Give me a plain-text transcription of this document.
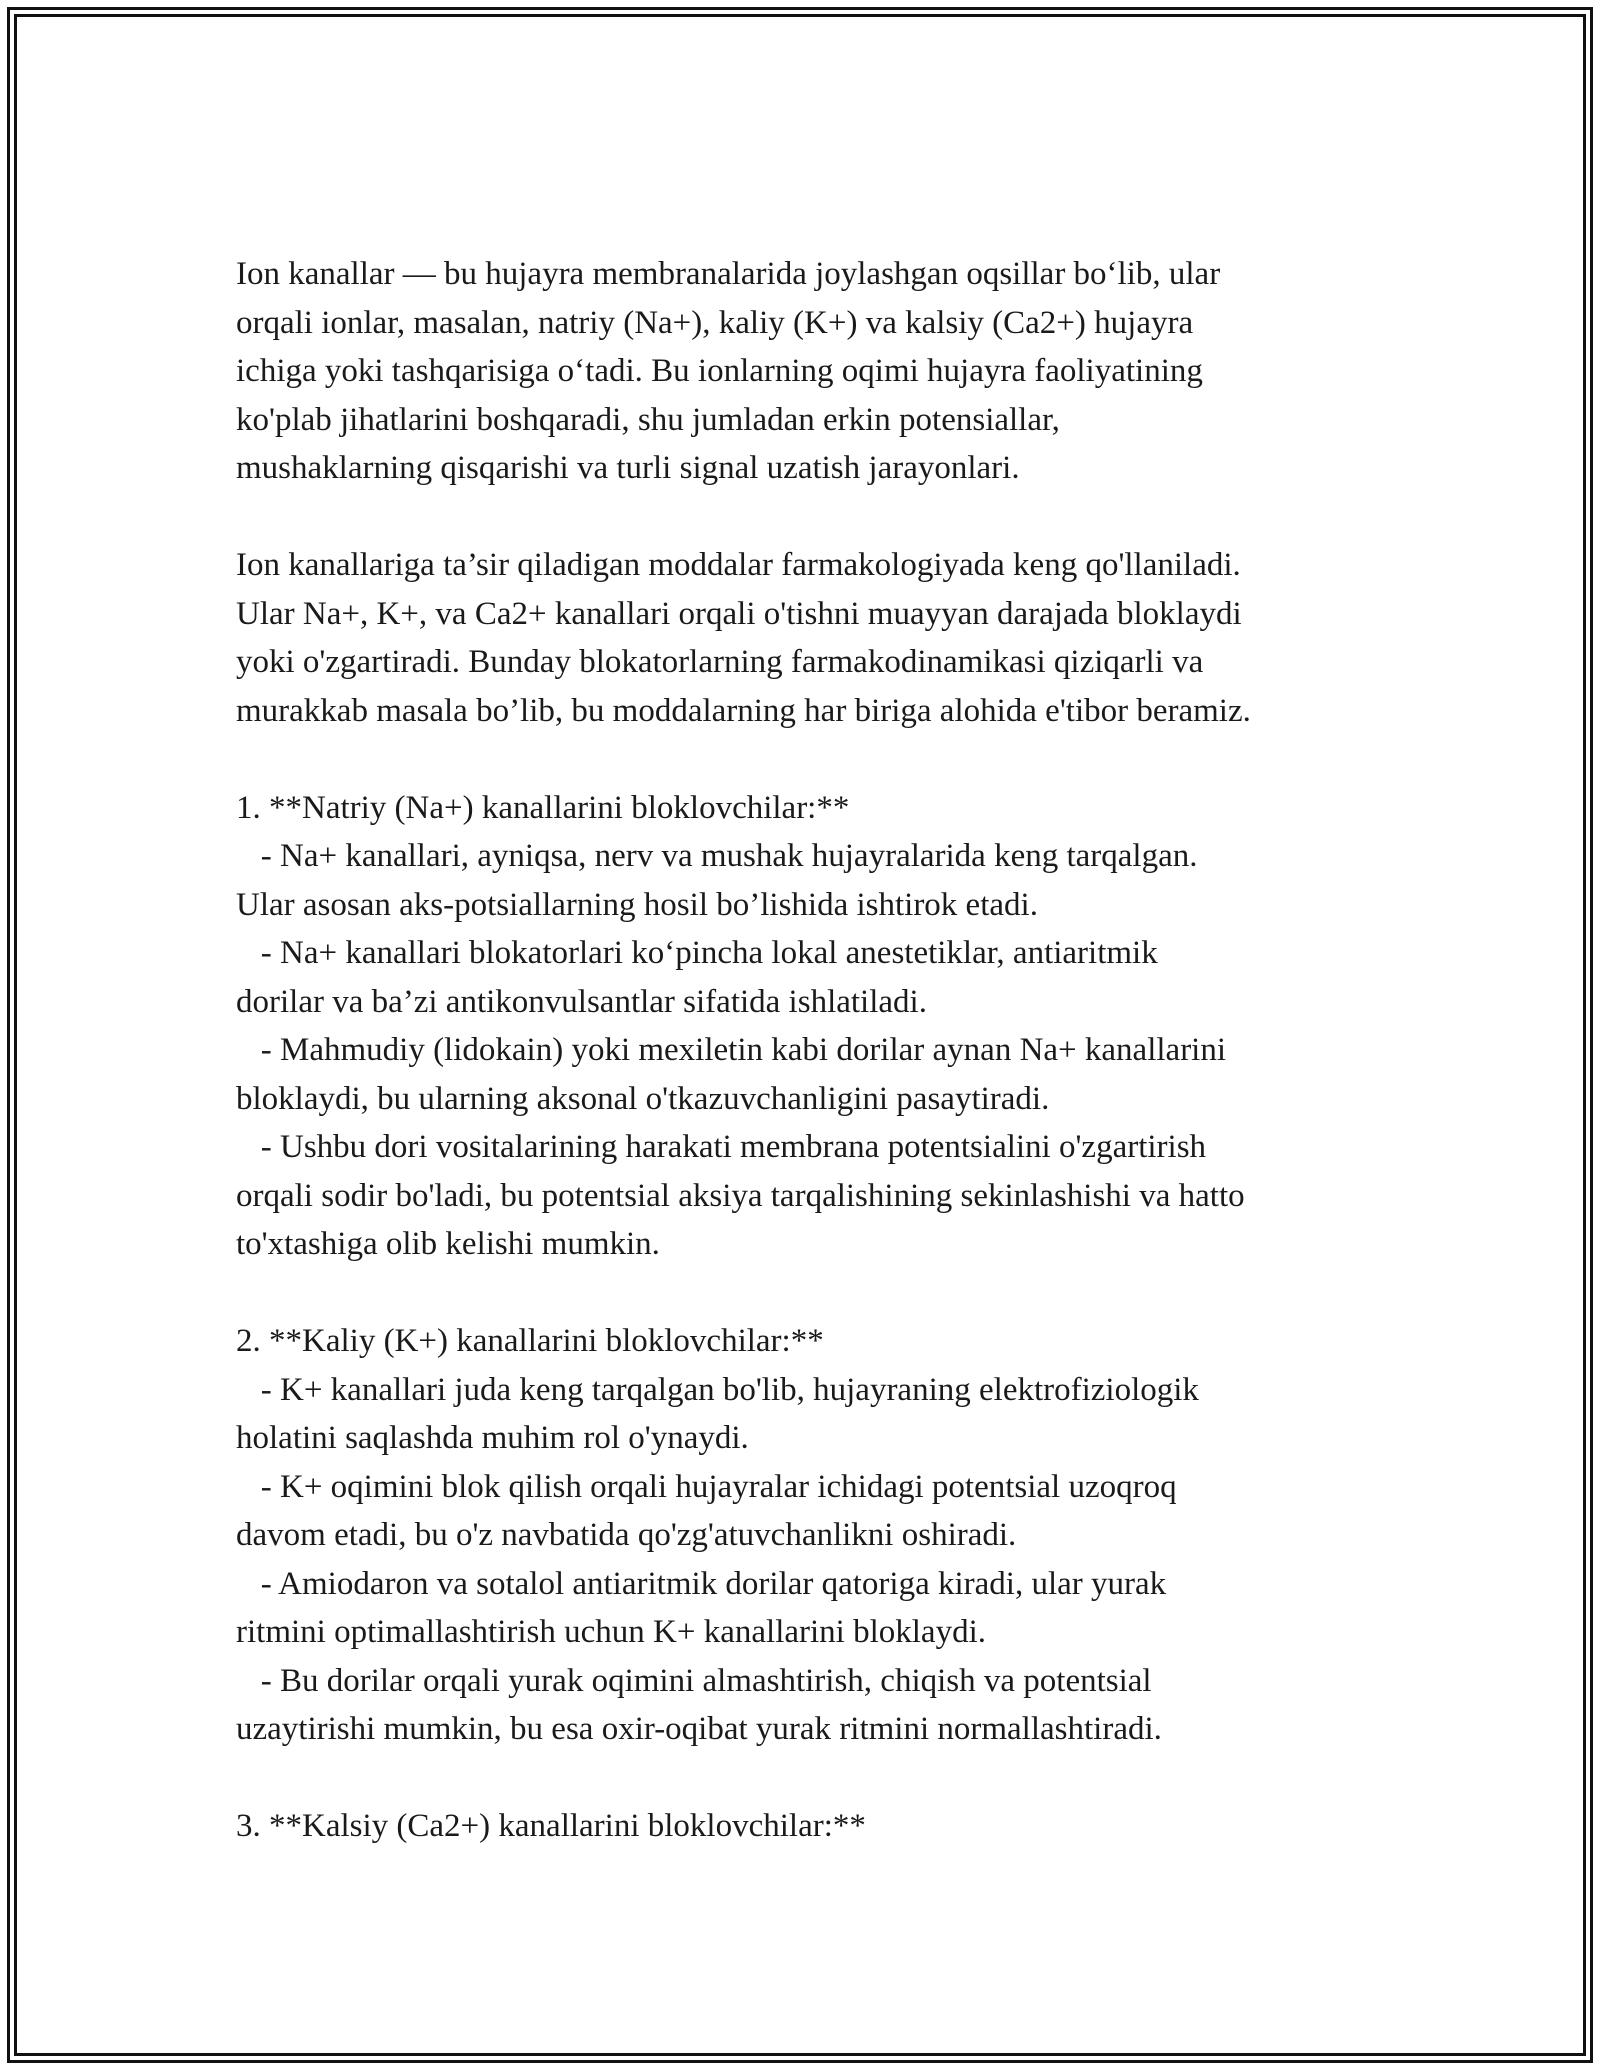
Ion kanallar — bu hujayra membranalarida joylashgan oqsillar bo‘lib, ular
orqali ionlar, masalan, natriy (Na+), kaliy (K+) va kalsiy (Ca2+) hujayra
ichiga yoki tashqarisiga o‘tadi. Bu ionlarning oqimi hujayra faoliyatining
ko'plab jihatlarini boshqaradi, shu jumladan erkin potensiallar,
mushaklarning qisqarishi va turli signal uzatish jarayonlari.
Ion kanallariga ta’sir qiladigan moddalar farmakologiyada keng qo'llaniladi.
Ular Na+, K+, va Ca2+ kanallari orqali o'tishni muayyan darajada bloklaydi
yoki o'zgartiradi. Bunday blokatorlarning farmakodinamikasi qiziqarli va
murakkab masala bo’lib, bu moddalarning har biriga alohida e'tibor beramiz.
1. **Natriy (Na+) kanallarini bloklovchilar:**
- Na+ kanallari, ayniqsa, nerv va mushak hujayralarida keng tarqalgan.
Ular asosan aks-potsiallarning hosil bo’lishida ishtirok etadi.
- Na+ kanallari blokatorlari ko‘pincha lokal anestetiklar, antiaritmik
dorilar va ba’zi antikonvulsantlar sifatida ishlatiladi.
- Mahmudiy (lidokain) yoki mexiletin kabi dorilar aynan Na+ kanallarini
bloklaydi, bu ularning aksonal o'tkazuvchanligini pasaytiradi.
- Ushbu dori vositalarining harakati membrana potentsialini o'zgartirish
orqali sodir bo'ladi, bu potentsial aksiya tarqalishining sekinlashishi va hatto
to'xtashiga olib kelishi mumkin.
2. **Kaliy (K+) kanallarini bloklovchilar:**
- K+ kanallari juda keng tarqalgan bo'lib, hujayraning elektrofiziologik
holatini saqlashda muhim rol o'ynaydi.
- K+ oqimini blok qilish orqali hujayralar ichidagi potentsial uzoqroq
davom etadi, bu o'z navbatida qo'zg'atuvchanlikni oshiradi.
- Amiodaron va sotalol antiaritmik dorilar qatoriga kiradi, ular yurak
ritmini optimallashtirish uchun K+ kanallarini bloklaydi.
- Bu dorilar orqali yurak oqimini almashtirish, chiqish va potentsial
uzaytirishi mumkin, bu esa oxir-oqibat yurak ritmini normallashtiradi.
3. **Kalsiy (Ca2+) kanallarini bloklovchilar:**
